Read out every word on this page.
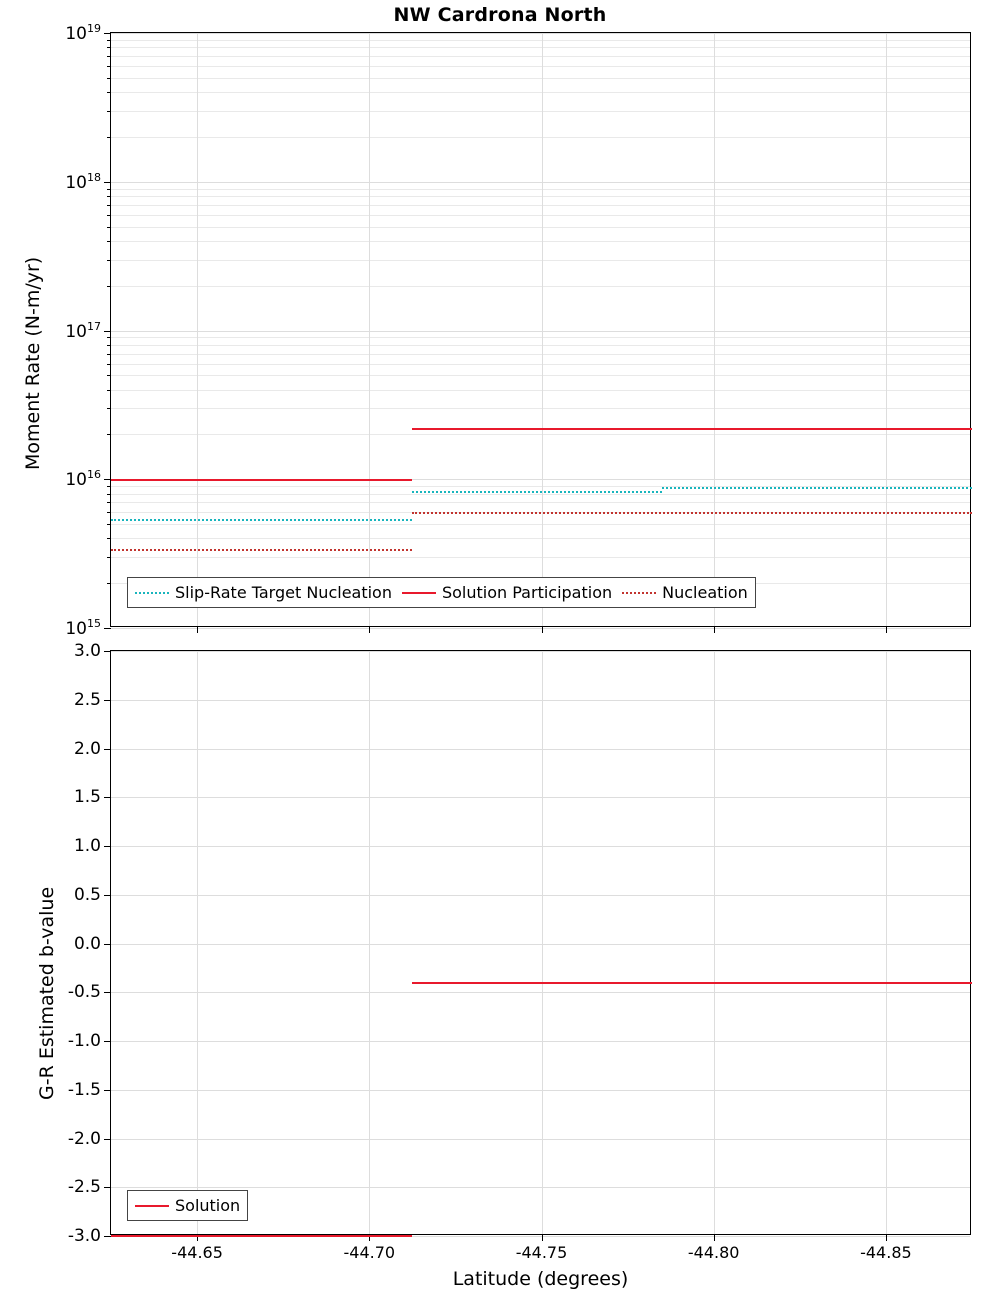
NW Cardrona North
Moment Rate (N-m/yr)
G-R Estimated b-value
Latitude (degrees)
$10^{15}$
$10^{16}$
$10^{17}$
$10^{18}$
$10^{19}$
3.0
2.5
2.0
1.5
1.0
0.5
0.0
-0.5
-1.0
-1.5
-2.0
-2.5
-3.0
-44.65	-44.70	-44.75	-44.80	-44.85
Slip-Rate Target Nucleation	Solution Participation	Nucleation
Solution
